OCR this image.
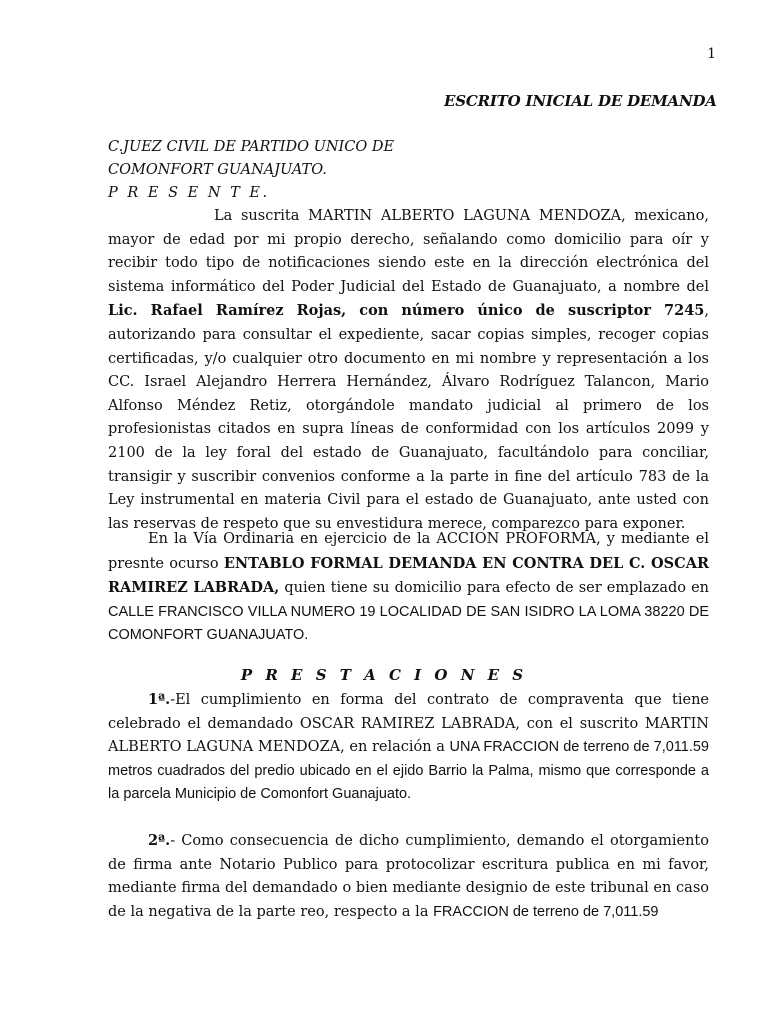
1
ESCRITO INICIAL DE DEMANDA
C.JUEZ CIVIL DE PARTIDO UNICO DE
COMONFORT GUANAJUATO.
P R E S E N T E.
La suscrita MARTIN ALBERTO LAGUNA MENDOZA, mexicano, mayor de edad por mi propio derecho, señalando como domicilio para oír y recibir todo tipo de notificaciones siendo este en la dirección electrónica del sistema informático del Poder Judicial del Estado de Guanajuato, a nombre del Lic. Rafael Ramírez Rojas, con número único de suscriptor 7245, autorizando para consultar el expediente, sacar copias simples, recoger copias certificadas, y/o cualquier otro documento en mi nombre y representación a los CC. Israel Alejandro Herrera Hernández, Álvaro Rodríguez Talancon, Mario Alfonso Méndez Retiz, otorgándole mandato judicial al primero de los profesionistas citados en supra líneas de conformidad con los artículos 2099 y 2100 de la ley foral del estado de Guanajuato, facultándolo para conciliar, transigir y suscribir convenios conforme a la parte in fine del artículo 783 de la Ley instrumental en materia Civil para el estado de Guanajuato, ante usted con las reservas de respeto que su envestidura merece, comparezco para exponer.
En la Vía Ordinaria en ejercicio de la ACCION PROFORMA, y mediante el presnte ocurso ENTABLO FORMAL DEMANDA EN CONTRA DEL C. OSCAR RAMIREZ LABRADA, quien tiene su domicilio para efecto de ser emplazado en CALLE FRANCISCO VILLA NUMERO 19 LOCALIDAD DE SAN ISIDRO LA LOMA 38220 DE COMONFORT GUANAJUATO.
P R E S T A C I O N E S
1ª.-El cumplimiento en forma del contrato de compraventa que tiene celebrado el demandado OSCAR RAMIREZ LABRADA, con el suscrito MARTIN ALBERTO LAGUNA MENDOZA, en relación a UNA FRACCION de terreno de 7,011.59 metros cuadrados del predio ubicado en el ejido Barrio la Palma, mismo que corresponde a la parcela Municipio de Comonfort Guanajuato.
2ª.- Como consecuencia de dicho cumplimiento, demando el otorgamiento de firma ante Notario Publico para protocolizar escritura publica en mi favor, mediante firma del demandado o bien mediante designio de este tribunal en caso de la negativa de la parte reo, respecto a la FRACCION de terreno de 7,011.59
